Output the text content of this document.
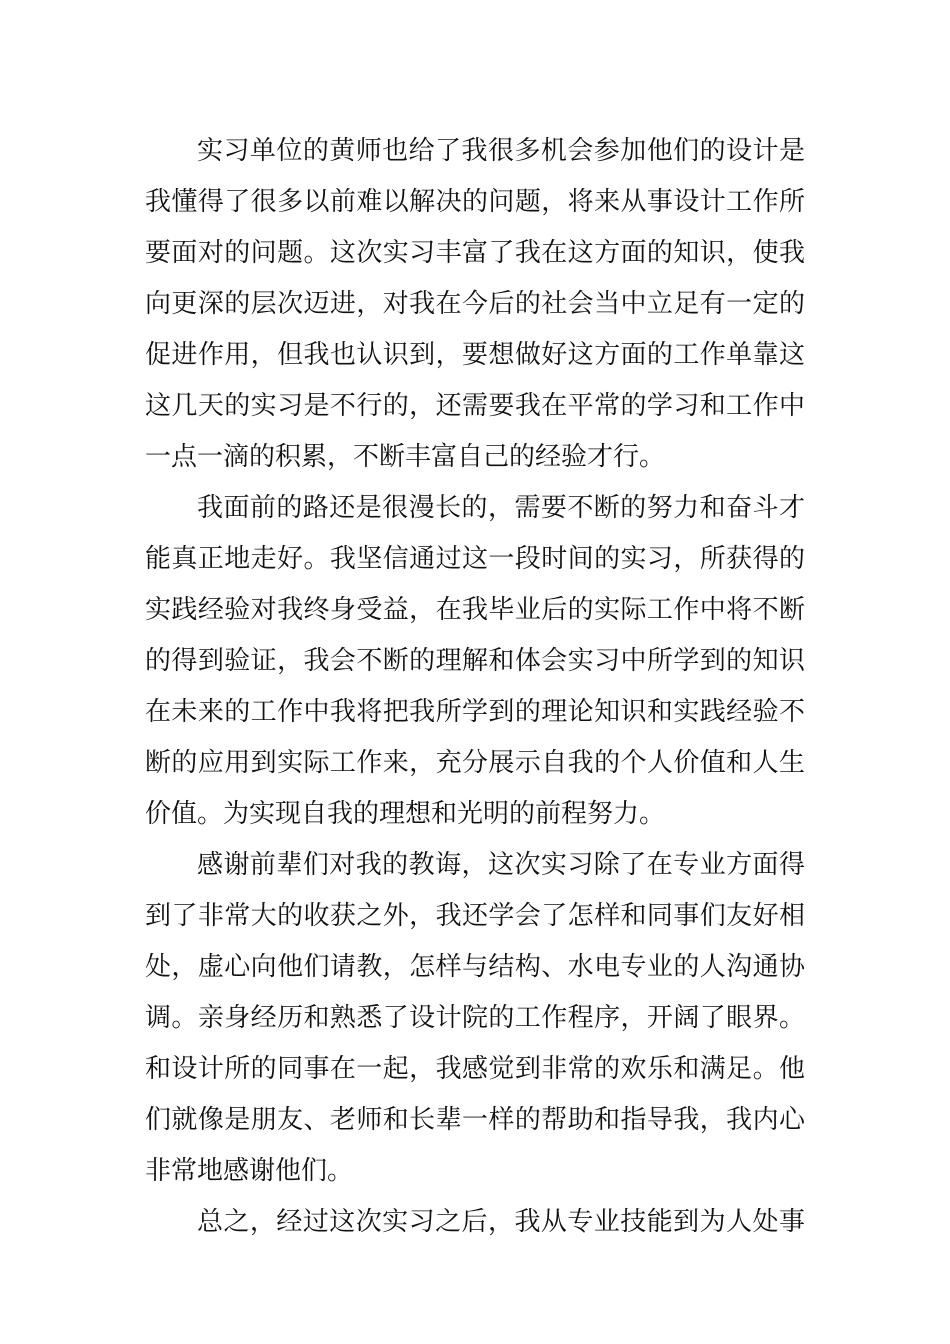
实习单位的黄师也给了我很多机会参加他们的设计是
我懂得了很多以前难以解决的问题，将来从事设计工作所
要面对的问题。这次实习丰富了我在这方面的知识，使我
向更深的层次迈进，对我在今后的社会当中立足有一定的
促进作用，但我也认识到，要想做好这方面的工作单靠这
这几天的实习是不行的，还需要我在平常的学习和工作中
一点一滴的积累，不断丰富自己的经验才行。
我面前的路还是很漫长的，需要不断的努力和奋斗才
能真正地走好。我坚信通过这一段时间的实习，所获得的
实践经验对我终身受益，在我毕业后的实际工作中将不断
的得到验证，我会不断的理解和体会实习中所学到的知识
在未来的工作中我将把我所学到的理论知识和实践经验不
断的应用到实际工作来，充分展示自我的个人价值和人生
价值。为实现自我的理想和光明的前程努力。
感谢前辈们对我的教诲，这次实习除了在专业方面得
到了非常大的收获之外，我还学会了怎样和同事们友好相
处，虚心向他们请教，怎样与结构、水电专业的人沟通协
调。亲身经历和熟悉了设计院的工作程序，开阔了眼界。
和设计所的同事在一起，我感觉到非常的欢乐和满足。他
们就像是朋友、老师和长辈一样的帮助和指导我，我内心
非常地感谢他们。
总之，经过这次实习之后，我从专业技能到为人处事
